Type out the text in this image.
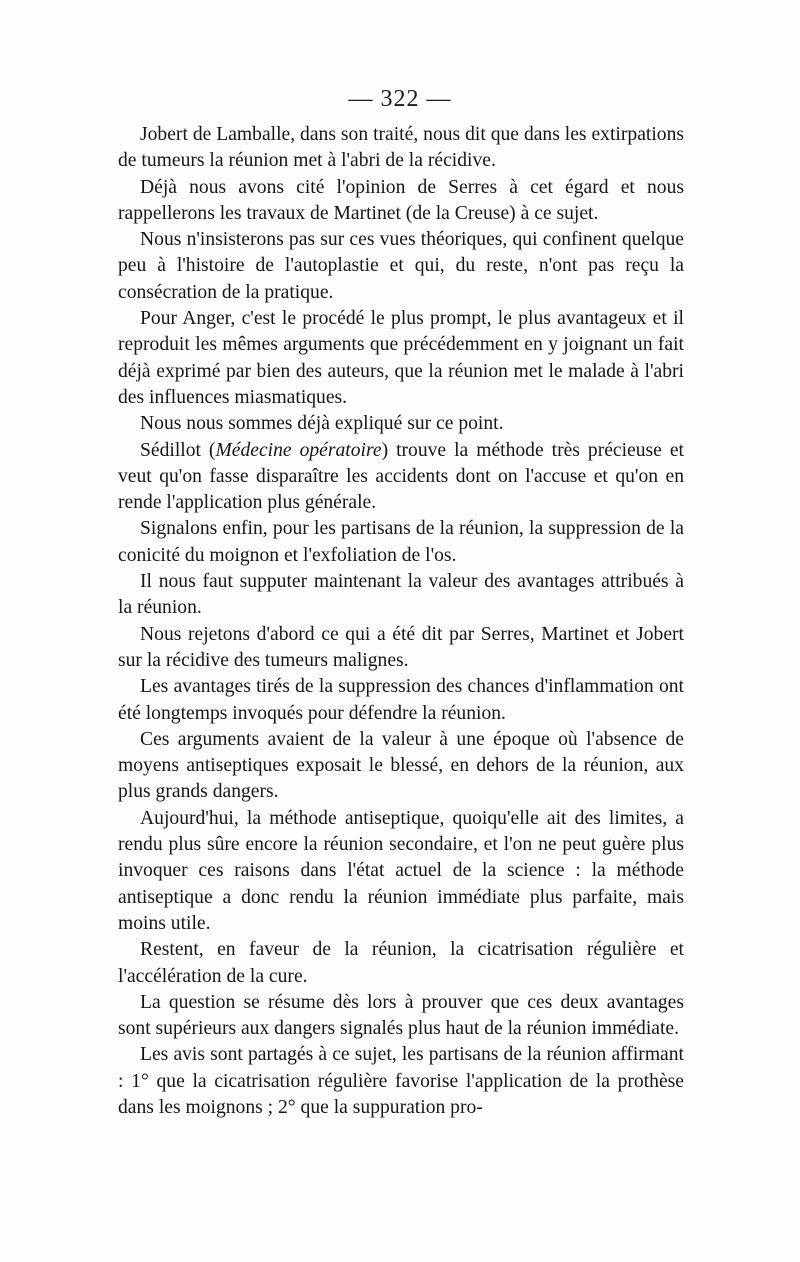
— 322 —

Jobert de Lamballe, dans son traité, nous dit que dans les extirpations de tumeurs la réunion met à l'abri de la récidive.

Déjà nous avons cité l'opinion de Serres à cet égard et nous rappellerons les travaux de Martinet (de la Creuse) à ce sujet.

Nous n'insisterons pas sur ces vues théoriques, qui confinent quelque peu à l'histoire de l'autoplastie et qui, du reste, n'ont pas reçu la consécration de la pratique.

Pour Anger, c'est le procédé le plus prompt, le plus avantageux et il reproduit les mêmes arguments que précédemment en y joignant un fait déjà exprimé par bien des auteurs, que la réunion met le malade à l'abri des influences miasmatiques.

Nous nous sommes déjà expliqué sur ce point.

Sédillot (Médecine opératoire) trouve la méthode très précieuse et veut qu'on fasse disparaître les accidents dont on l'accuse et qu'on en rende l'application plus générale.

Signalons enfin, pour les partisans de la réunion, la suppression de la conicité du moignon et l'exfoliation de l'os.

Il nous faut supputer maintenant la valeur des avantages attribués à la réunion.

Nous rejetons d'abord ce qui a été dit par Serres, Martinet et Jobert sur la récidive des tumeurs malignes.

Les avantages tirés de la suppression des chances d'inflammation ont été longtemps invoqués pour défendre la réunion.

Ces arguments avaient de la valeur à une époque où l'absence de moyens antiseptiques exposait le blessé, en dehors de la réunion, aux plus grands dangers.

Aujourd'hui, la méthode antiseptique, quoiqu'elle ait des limites, a rendu plus sûre encore la réunion secondaire, et l'on ne peut guère plus invoquer ces raisons dans l'état actuel de la science : la méthode antiseptique a donc rendu la réunion immédiate plus parfaite, mais moins utile.

Restent, en faveur de la réunion, la cicatrisation régulière et l'accélération de la cure.

La question se résume dès lors à prouver que ces deux avantages sont supérieurs aux dangers signalés plus haut de la réunion immédiate.

Les avis sont partagés à ce sujet, les partisans de la réunion affirmant : 1° que la cicatrisation régulière favorise l'application de la prothèse dans les moignons ; 2° que la suppuration pro-
